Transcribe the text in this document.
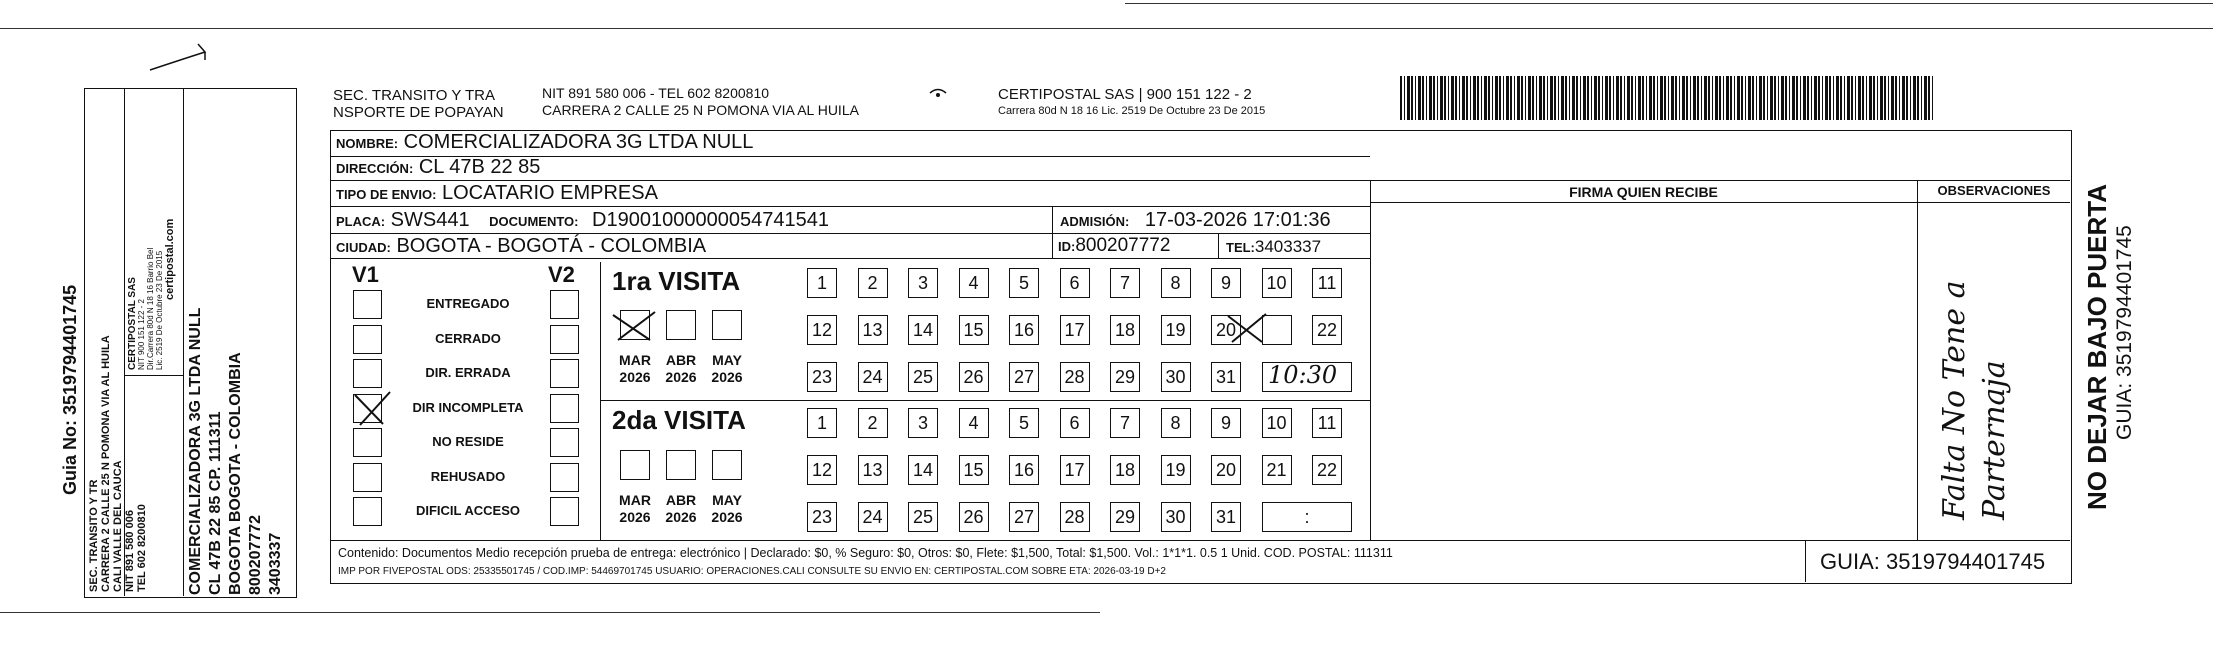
Guia No: 3519794401745
SEC. TRANSITO Y TR CARRERA 2 CALLE 25 N POMONA VIA AL HUILA CALI VALLE DEL CAUCA NIT 891 580 006 TEL 602 8200810
CERTIPOSTAL SAS NIT 900 151 122 - 2 Dir.Carrera 80d N 18 16 Barrio Bel Lic. 2519 De Octubre 23 De 2015 certipostal.com
COMERCIALIZADORA 3G LTDA NULL CL 47B 22 85 CP. 111311 BOGOTA BOGOTA - COLOMBIA 800207772 3403337
SEC. TRANSITO Y TRA
NSPORTE DE POPAYAN
NIT 891 580 006 - TEL 602 8200810
CARRERA 2 CALLE 25 N POMONA VIA AL HUILA
CERTIPOSTAL SAS | 900 151 122 - 2
Carrera 80d N 18 16 Lic. 2519 De Octubre 23 De 2015
NOMBRE: COMERCIALIZADORA 3G LTDA NULL
DIRECCIÓN: CL 47B 22 85
TIPO DE ENVIO: LOCATARIO EMPRESA
PLACA: SWS441 DOCUMENTO: D19001000000054741541	ADMISIÓN: 17-03-2026 17:01:36
CIUDAD: BOGOTA - BOGOTÁ - COLOMBIA	ID:800207772	TEL:3403337
FIRMA QUIEN RECIBE	OBSERVACIONES
V1	V2
ENTREGADO
CERRADO
DIR. ERRADA
DIR INCOMPLETA
NO RESIDE
REHUSADO
DIFICIL ACCESO
1ra VISITA
2da VISITA
MAR
2026
ABR
2026
MAY
2026
MAR
2026
ABR
2026
MAY
2026
1	2	3	4	5	6	7	8	9	10	11
12 13 14 15 16 17 18 19 20	22
23 24 25 26 27 28 29 30 31
1	2	3	4	5	6	7	8	9	10	11
12 13 14 15 16 17 18 19 20 21 22
23 24 25 26 27 28 29 30 31
10:30
:	Falta No Tene a Parternaja
Contenido: Documentos Medio recepción prueba de entrega: electrónico | Declarado: $0, % Seguro: $0, Otros: $0, Flete: $1,500, Total: $1,500. Vol.: 1*1*1. 0.5 1 Unid. COD. POSTAL: 111311
IMP POR FIVEPOSTAL ODS: 25335501745 / COD.IMP: 54469701745 USUARIO: OPERACIONES.CALI CONSULTE SU ENVIO EN: CERTIPOSTAL.COM SOBRE ETA: 2026-03-19 D+2	GUIA: 3519794401745
NO DEJAR BAJO PUERTA GUIA: 3519794401745
